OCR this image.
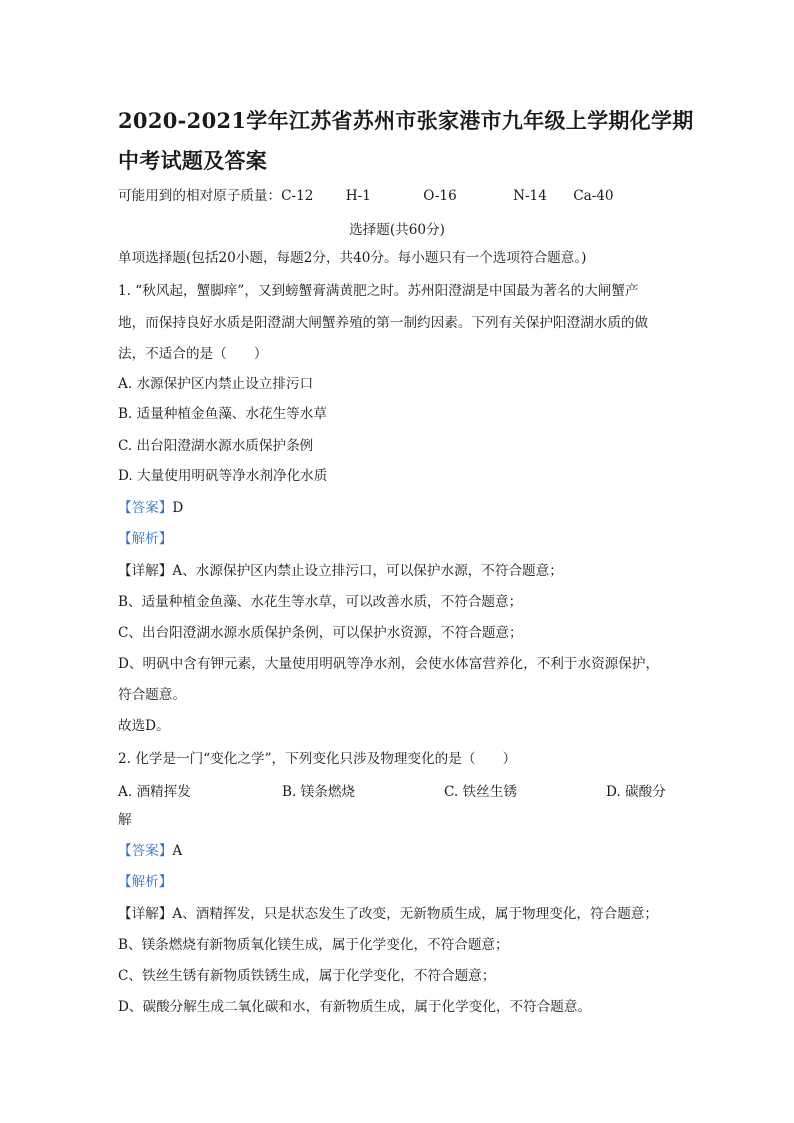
2020-2021学年江苏省苏州市张家港市九年级上学期化学期
中考试题及答案
可能用到的相对原子质量：C-12 H-1	O-16	N-14 Ca-40
选择题(共60分)
单项选择题(包括20小题，每题2分，共40分。每小题只有一个选项符合题意。)
1. “秋风起，蟹脚痒”，又到螃蟹膏满黄肥之时。苏州阳澄湖是中国最为著名的大闸蟹产
地，而保持良好水质是阳澄湖大闸蟹养殖的第一制约因素。下列有关保护阳澄湖水质的做
法，不适合的是（　　）
A. 水源保护区内禁止设立排污口
B. 适量种植金鱼藻、水花生等水草
C. 出台阳澄湖水源水质保护条例
D. 大量使用明矾等净水剂净化水质
【答案】D
【解析】
【详解】A、水源保护区内禁止设立排污口，可以保护水源，不符合题意；
B、适量种植金鱼藻、水花生等水草，可以改善水质，不符合题意；
C、出台阳澄湖水源水质保护条例，可以保护水资源，不符合题意；
D、明矾中含有钾元素，大量使用明矾等净水剂，会使水体富营养化，不利于水资源保护，
符合题意。
故选D。
2. 化学是一门“变化之学”，下列变化只涉及物理变化的是（　　）
A. 酒精挥发	B. 镁条燃烧	C. 铁丝生锈	D. 碳酸分
解
【答案】A
【解析】
【详解】A、酒精挥发，只是状态发生了改变，无新物质生成，属于物理变化，符合题意；
B、镁条燃烧有新物质氧化镁生成，属于化学变化，不符合题意；
C、铁丝生锈有新物质铁锈生成，属于化学变化，不符合题意；
D、碳酸分解生成二氧化碳和水，有新物质生成，属于化学变化，不符合题意。
